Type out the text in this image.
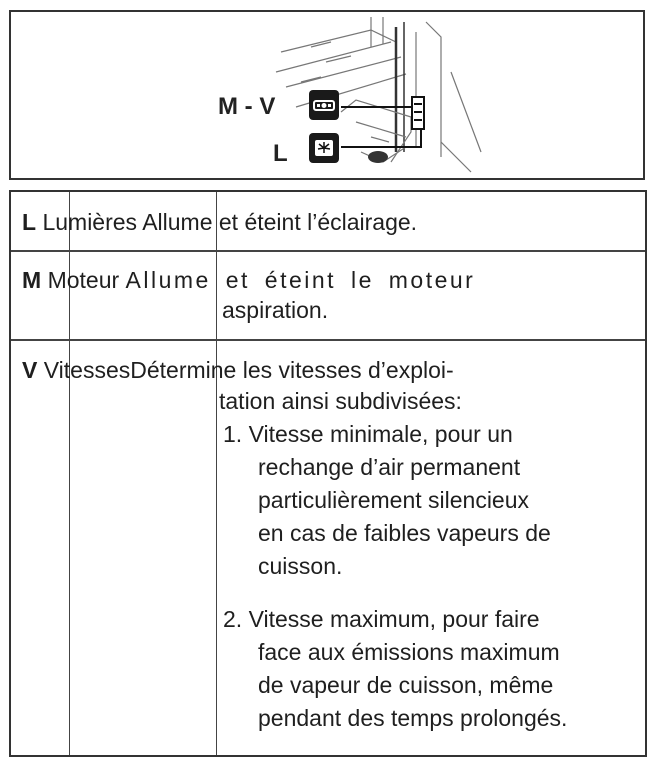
M - V
L
L Lumières Allume et éteint l’éclairage.
M Moteur Allume et éteint le moteur
aspiration.
V VitessesDétermine les vitesses d’exploi-
tation ainsi subdivisées:
1. Vitesse minimale, pour un
rechange d’air permanent
particulièrement silencieux
en cas de faibles vapeurs de
cuisson.
2. Vitesse maximum, pour faire
face aux émissions maximum
de vapeur de cuisson, même
pendant des temps prolongés.
